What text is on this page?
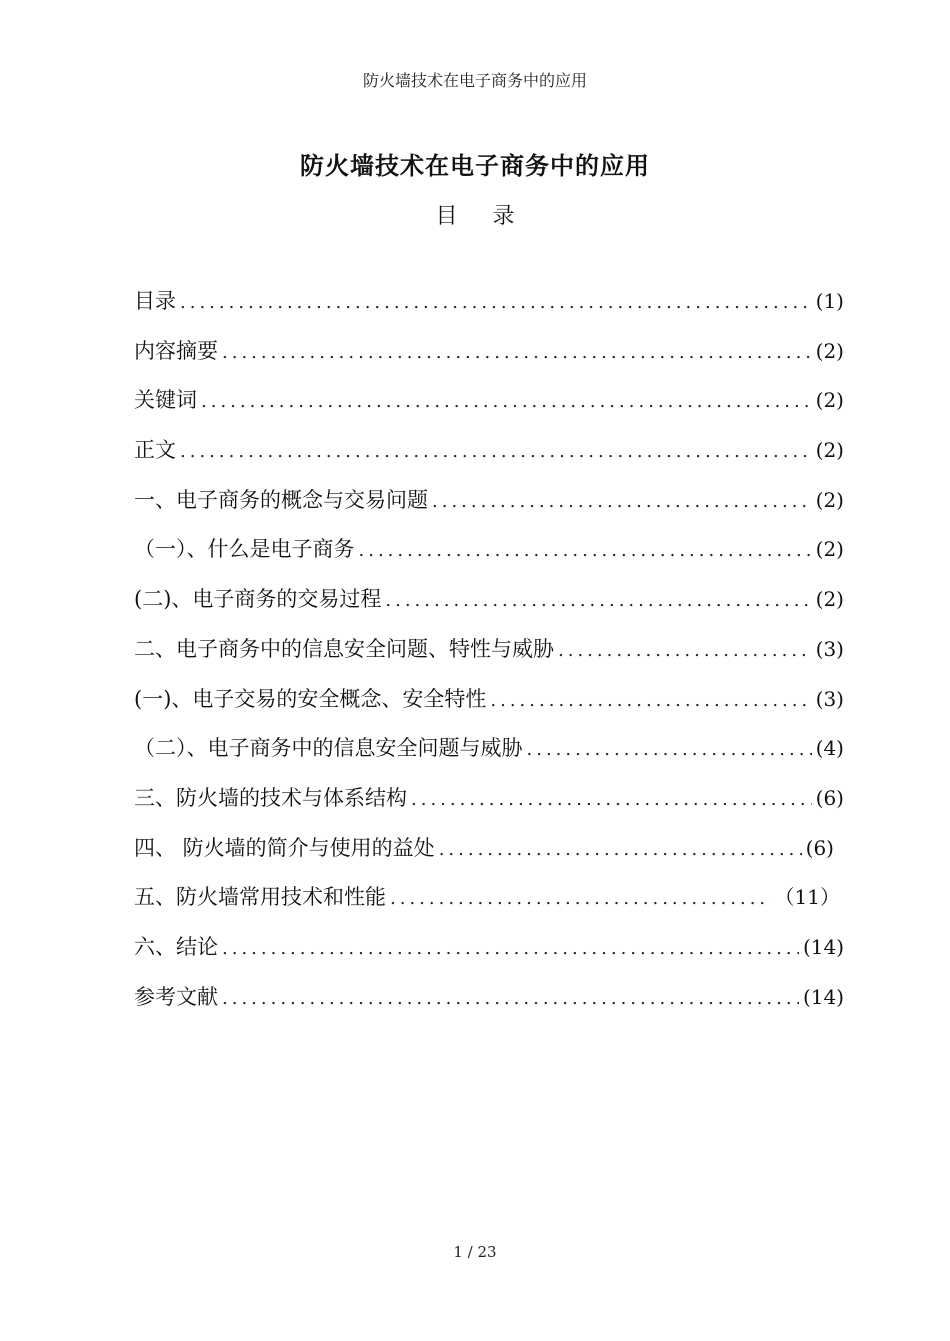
防火墙技术在电子商务中的应用
防火墙技术在电子商务中的应用
目 录
目录 .....	(1)
内容摘要 .....	(2)
关键词 .....	(2)
正文 .....	(2)
一、电子商务的概念与交易问题 .....	(2)
（一）、什么是电子商务 .....	(2)
(二)、电子商务的交易过程 .....	(2)
二、电子商务中的信息安全问题、特性与威胁 .....	(3)
(一)、电子交易的安全概念、安全特性 .....	(3)
（二）、电子商务中的信息安全问题与威胁 .....	(4)
三、防火墙的技术与体系结构 .....	(6)
四、 防火墙的简介与使用的益处 .....	(6)
五、防火墙常用技术和性能 .....	（11）
六、结论 .....	(14)
参考文献 .....	(14)
1 / 23
